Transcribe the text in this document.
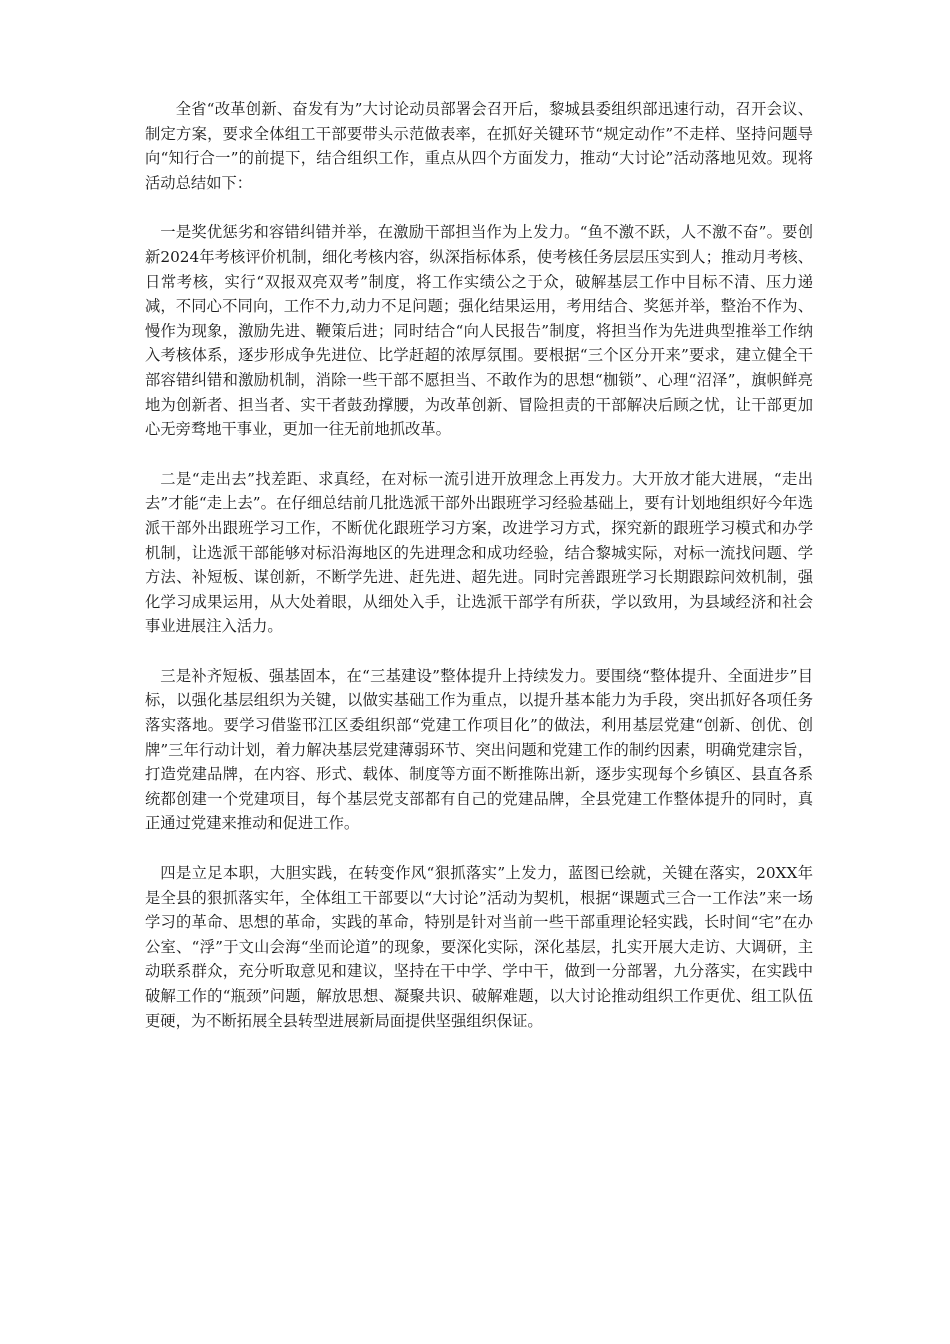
全省“改革创新、奋发有为”大讨论动员部署会召开后，黎城县委组织部迅速行动，召开会议、制定方案，要求全体组工干部要带头示范做表率，在抓好关键环节“规定动作”不走样、坚持问题导向“知行合一”的前提下，结合组织工作，重点从四个方面发力，推动“大讨论”活动落地见效。现将活动总结如下：

一是奖优惩劣和容错纠错并举，在激励干部担当作为上发力。“鱼不激不跃，人不激不奋”。要创新2024年考核评价机制，细化考核内容，纵深指标体系，使考核任务层层压实到人；推动月考核、日常考核，实行“双报双亮双考”制度，将工作实绩公之于众，破解基层工作中目标不清、压力递减，不同心不同向，工作不力,动力不足问题；强化结果运用，考用结合、奖惩并举，整治不作为、慢作为现象，激励先进、鞭策后进；同时结合“向人民报告”制度，将担当作为先进典型推举工作纳入考核体系，逐步形成争先进位、比学赶超的浓厚氛围。要根据“三个区分开来”要求，建立健全干部容错纠错和激励机制，消除一些干部不愿担当、不敢作为的思想“枷锁”、心理“沼泽”，旗帜鲜亮地为创新者、担当者、实干者鼓劲撑腰，为改革创新、冒险担责的干部解决后顾之忧，让干部更加心无旁骛地干事业，更加一往无前地抓改革。

二是“走出去”找差距、求真经，在对标一流引进开放理念上再发力。大开放才能大进展，“走出去”才能“走上去”。在仔细总结前几批选派干部外出跟班学习经验基础上，要有计划地组织好今年选派干部外出跟班学习工作，不断优化跟班学习方案，改进学习方式，探究新的跟班学习模式和办学机制，让选派干部能够对标沿海地区的先进理念和成功经验，结合黎城实际，对标一流找问题、学方法、补短板、谋创新，不断学先进、赶先进、超先进。同时完善跟班学习长期跟踪问效机制，强化学习成果运用，从大处着眼，从细处入手，让选派干部学有所获，学以致用，为县域经济和社会事业进展注入活力。

三是补齐短板、强基固本，在“三基建设”整体提升上持续发力。要围绕“整体提升、全面进步”目标，以强化基层组织为关键，以做实基础工作为重点，以提升基本能力为手段，突出抓好各项任务落实落地。要学习借鉴邗江区委组织部“党建工作项目化”的做法，利用基层党建“创新、创优、创牌”三年行动计划，着力解决基层党建薄弱环节、突出问题和党建工作的制约因素，明确党建宗旨，打造党建品牌，在内容、形式、载体、制度等方面不断推陈出新，逐步实现每个乡镇区、县直各系统都创建一个党建项目，每个基层党支部都有自己的党建品牌，全县党建工作整体提升的同时，真正通过党建来推动和促进工作。

四是立足本职，大胆实践，在转变作风“狠抓落实”上发力，蓝图已绘就，关键在落实，20XX年是全县的狠抓落实年，全体组工干部要以“大讨论”活动为契机，根据“课题式三合一工作法”来一场学习的革命、思想的革命，实践的革命，特别是针对当前一些干部重理论轻实践，长时间“宅”在办公室、“浮”于文山会海“坐而论道”的现象，要深化实际，深化基层，扎实开展大走访、大调研，主动联系群众，充分听取意见和建议，坚持在干中学、学中干，做到一分部署，九分落实，在实践中破解工作的“瓶颈”问题，解放思想、凝聚共识、破解难题，以大讨论推动组织工作更优、组工队伍更硬，为不断拓展全县转型进展新局面提供坚强组织保证。
